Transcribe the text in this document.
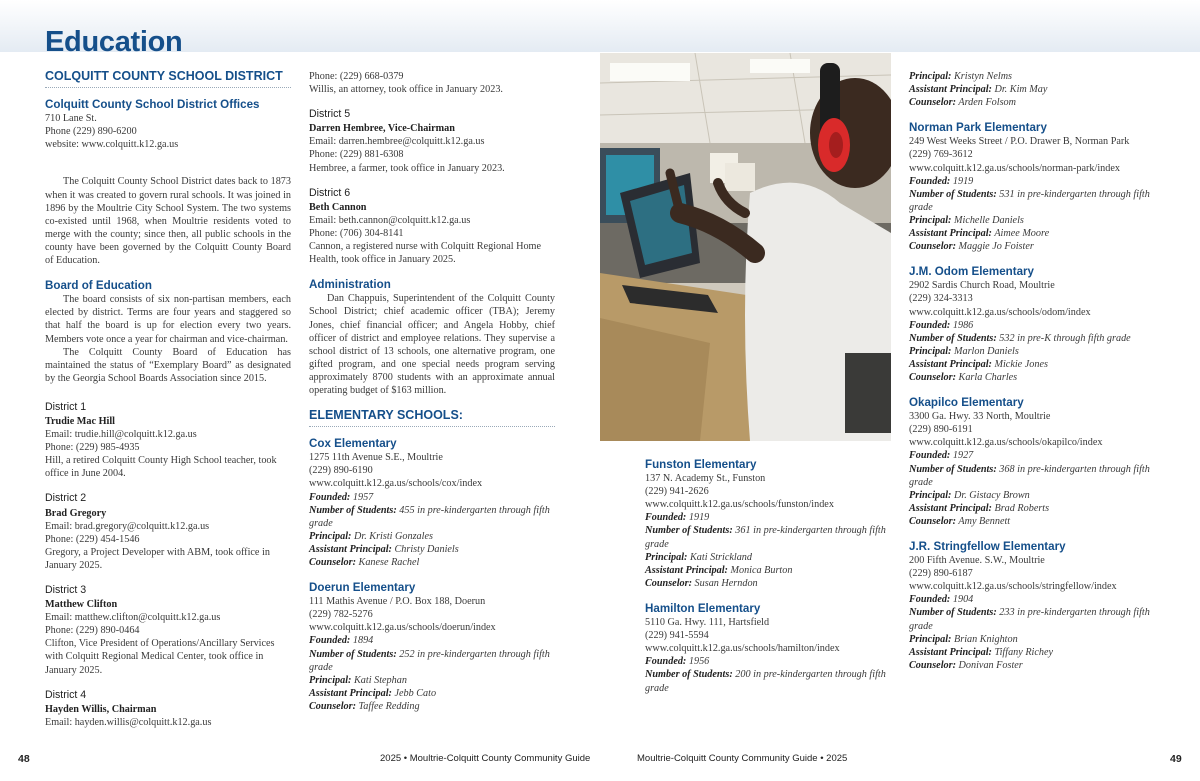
Education
COLQUITT COUNTY SCHOOL DISTRICT
Colquitt County School District Offices
710 Lane St.
Phone (229) 890-6200
website: www.colquitt.k12.ga.us

The Colquitt County School District dates back to 1873 when it was created to govern rural schools. It was joined in 1896 by the Moultrie City School System. The two systems co-existed until 1968, when Moultrie residents voted to merge with the county; since then, all public schools in the county have been governed by the Colquitt County Board of Education.

Board of Education

The board consists of six non-partisan members, each elected by district. Terms are four years and staggered so that half the board is up for election every two years. Members vote once a year for chairman and vice-chairman.

The Colquitt County Board of Education has maintained the status of “Exemplary Board” as designated by the Georgia School Boards Association since 2015.

District 1
Trudie Mac Hill
Email: trudie.hill@colquitt.k12.ga.us
Phone: (229) 985-4935
Hill, a retired Colquitt County High School teacher, took office in June 2004.
District 2
Brad Gregory
Email: brad.gregory@colquitt.k12.ga.us
Phone: (229) 454-1546
Gregory, a Project Developer with ABM, took office in January 2025.
District 3
Matthew Clifton
Email: matthew.clifton@colquitt.k12.ga.us
Phone: (229) 890-0464
Clifton, Vice President of Operations/Ancillary Services with Colquitt Regional Medical Center, took office in January 2025.
District 4
Hayden Willis, Chairman
Email: hayden.willis@colquitt.k12.ga.us
Phone: (229) 668-0379
Willis, an attorney, took office in January 2023.
District 5
Darren Hembree, Vice-Chairman
Email: darren.hembree@colquitt.k12.ga.us
Phone: (229) 881-6308
Hembree, a farmer, took office in January 2023.
District 6
Beth Cannon
Email: beth.cannon@colquitt.k12.ga.us
Phone: (706) 304-8141
Cannon, a registered nurse with Colquitt Regional Home Health, took office in January 2025.
Administration

Dan Chappuis, Superintendent of the Colquitt County School District; chief academic officer (TBA); Jeremy Jones, chief financial officer; and Angela Hobby, chief officer of district and employee relations. They supervise a school district of 13 schools, one alternative program, one gifted program, and one special needs program serving approximately 8700 students with an approximate annual operating budget of $163 million.

ELEMENTARY SCHOOLS:
Cox Elementary
1275 11th Avenue S.E., Moultrie
(229) 890-6190
www.colquitt.k12.ga.us/schools/cox/index
Founded: 1957
Number of Students: 455 in pre-kindergarten through fifth grade
Principal: Dr. Kristi Gonzales
Assistant Principal: Christy Daniels
Counselor: Kanese Rachel
Doerun Elementary
111 Mathis Avenue / P.O. Box 188, Doerun
(229) 782-5276
www.colquitt.k12.ga.us/schools/doerun/index
Founded: 1894
Number of Students: 252 in pre-kindergarten through fifth grade
Principal: Kati Stephan
Assistant Principal: Jebb Cato
Counselor: Taffee Redding
Funston Elementary
137 N. Academy St., Funston
(229) 941-2626
www.colquitt.k12.ga.us/schools/funston/index
Founded: 1919
Number of Students: 361 in pre-kindergarten through fifth grade
Principal: Kati Strickland
Assistant Principal: Monica Burton
Counselor: Susan Herndon
Hamilton Elementary
5110 Ga. Hwy. 111, Hartsfield
(229) 941-5594
www.colquitt.k12.ga.us/schools/hamilton/index
Founded: 1956
Number of Students: 200 in pre-kindergarten through fifth grade
Principal: Kristyn Nelms
Assistant Principal: Dr. Kim May
Counselor: Arden Folsom
Norman Park Elementary
249 West Weeks Street / P.O. Drawer B, Norman Park
(229) 769-3612
www.colquitt.k12.ga.us/schools/norman-park/index
Founded: 1919
Number of Students: 531 in pre-kindergarten through fifth grade
Principal: Michelle Daniels
Assistant Principal: Aimee Moore
Counselor: Maggie Jo Foister
J.M. Odom Elementary
2902 Sardis Church Road, Moultrie
(229) 324-3313
www.colquitt.k12.ga.us/schools/odom/index
Founded: 1986
Number of Students: 532 in pre-K through fifth grade
Principal: Marlon Daniels
Assistant Principal: Mickie Jones
Counselor: Karla Charles
Okapilco Elementary
3300 Ga. Hwy. 33 North, Moultrie
(229) 890-6191
www.colquitt.k12.ga.us/schools/okapilco/index
Founded: 1927
Number of Students: 368 in pre-kindergarten through fifth grade
Principal: Dr. Gistacy Brown
Assistant Principal: Brad Roberts
Counselor: Amy Bennett
J.R. Stringfellow Elementary
200 Fifth Avenue. S.W., Moultrie
(229) 890-6187
www.colquitt.k12.ga.us/schools/stringfellow/index
Founded: 1904
Number of Students: 233 in pre-kindergarten through fifth grade
Principal: Brian Knighton
Assistant Principal: Tiffany Richey
Counselor: Donivan Foster
48	2025 • Moultrie-Colquitt County Community Guide	Moultrie-Colquitt County Community Guide • 2025	49
